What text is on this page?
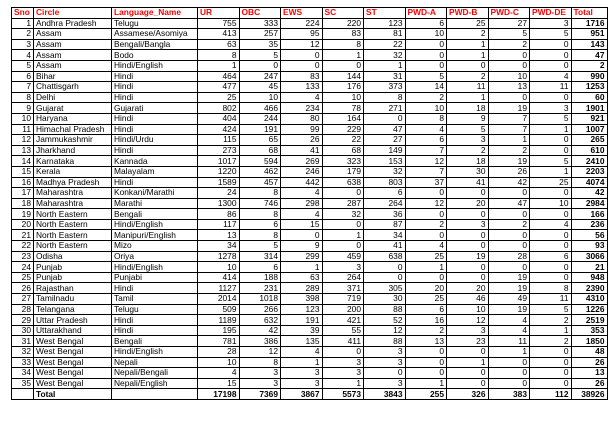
Sno	Circle	Language_Name	UR	OBC	EWS	SC	ST	PWD-A	PWD-B	PWD-C	PWD-DE	Total
1	Andhra Pradesh	Telugu	755	333	224	220	123	6	25	27	3	1716
2	Assam	Assamese/Asomiya	413	257	95	83	81	10	2	5	5	951
3	Assam	Bengali/Bangla	63	35	12	8	22	0	1	2	0	143
4	Assam	Bodo	8	5	0	1	32	0	1	0	0	47
5	Assam	Hindi/English	1	0	0	0	1	0	0	0	0	2
6	Bihar	Hindi	464	247	83	144	31	5	2	10	4	990
7	Chattisgarh	Hindi	477	45	133	176	373	14	11	13	11	1253
8	Delhi	Hindi	25	10	4	10	8	2	1	0	0	60
9	Gujarat	Gujarati	802	466	234	78	271	10	18	19	3	1901
10	Haryana	Hindi	404	244	80	164	0	8	9	7	5	921
11	Himachal Pradesh	Hindi	424	191	99	229	47	4	5	7	1	1007
12	Jammukashmir	Hindi/Urdu	115	65	26	22	27	6	3	1	0	265
13	Jharkhand	Hindi	273	68	41	68	149	7	2	2	0	610
14	Karnataka	Kannada	1017	594	269	323	153	12	18	19	5	2410
15	Kerala	Malayalam	1220	462	246	179	32	7	30	26	1	2203
16	Madhya Pradesh	Hindi	1589	457	442	638	803	37	41	42	25	4074
17	Maharashtra	Konkani/Marathi	24	8	4	0	6	0	0	0	0	42
18	Maharashtra	Marathi	1300	746	298	287	264	12	20	47	10	2984
19	North Eastern	Bengali	86	8	4	32	36	0	0	0	0	166
20	North Eastern	Hindi/English	117	6	15	0	87	2	3	2	4	236
21	North Eastern	Manipuri/English	13	8	0	1	34	0	0	0	0	56
22	North Eastern	Mizo	34	5	9	0	41	4	0	0	0	93
23	Odisha	Oriya	1278	314	299	459	638	25	19	28	6	3066
24	Punjab	Hindi/English	10	6	1	3	0	1	0	0	0	21
25	Punjab	Punjabi	414	188	63	264	0	0	0	19	0	948
26	Rajasthan	Hindi	1127	231	289	371	305	20	20	19	8	2390
27	Tamilnadu	Tamil	2014	1018	398	719	30	25	46	49	11	4310
28	Telangana	Telugu	509	266	123	200	88	6	10	19	5	1226
29	Uttar Pradesh	Hindi	1189	632	191	421	52	16	12	4	2	2519
30	Uttarakhand	Hindi	195	42	39	55	12	2	3	4	1	353
31	West Bengal	Bengali	781	386	135	411	88	13	23	11	2	1850
32	West Bengal	Hindi/English	28	12	4	0	3	0	0	1	0	48
33	West Bengal	Nepali	10	8	1	3	3	0	1	0	0	26
34	West Bengal	Nepali/Bengali	4	3	3	3	0	0	0	0	0	13
35	West Bengal	Nepali/English	15	3	3	1	3	1	0	0	0	26
	Total		17198	7369	3867	5573	3843	255	326	383	112	38926
